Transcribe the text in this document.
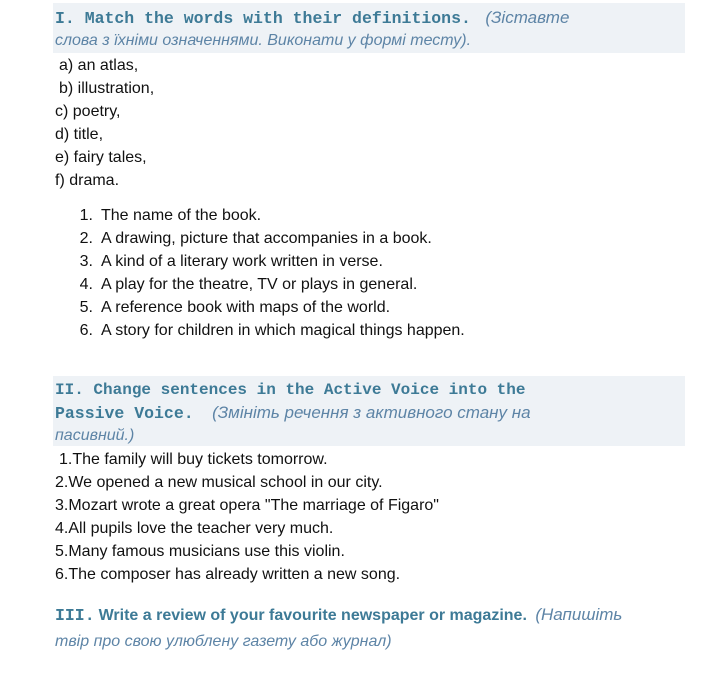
I. Match the words with their definitions. (Зіставте
слова з їхніми означеннями. Виконати у формі тесту).
a) an atlas,
b) illustration,
c) poetry,
d) title,
e) fairy tales,
f) drama.
1. The name of the book.
2. A drawing, picture that accompanies in a book.
3. A kind of a literary work written in verse.
4. A play for the theatre, TV or plays in general.
5. A reference book with maps of the world.
6. A story for children in which magical things happen.
II. Change sentences in the Active Voice into the
Passive Voice. (Змініть речення з активного стану на
пасивний.)
1.The family will buy tickets tomorrow.
2.We opened a new musical school in our city.
3.Mozart wrote a great opera "The marriage of Figaro"
4.All pupils love the teacher very much.
5.Many famous musicians use this violin.
6.The composer has already written a new song.
III. Write a review of your favourite newspaper or magazine. (Напишіть
твір про свою улюблену газету або журнал)
